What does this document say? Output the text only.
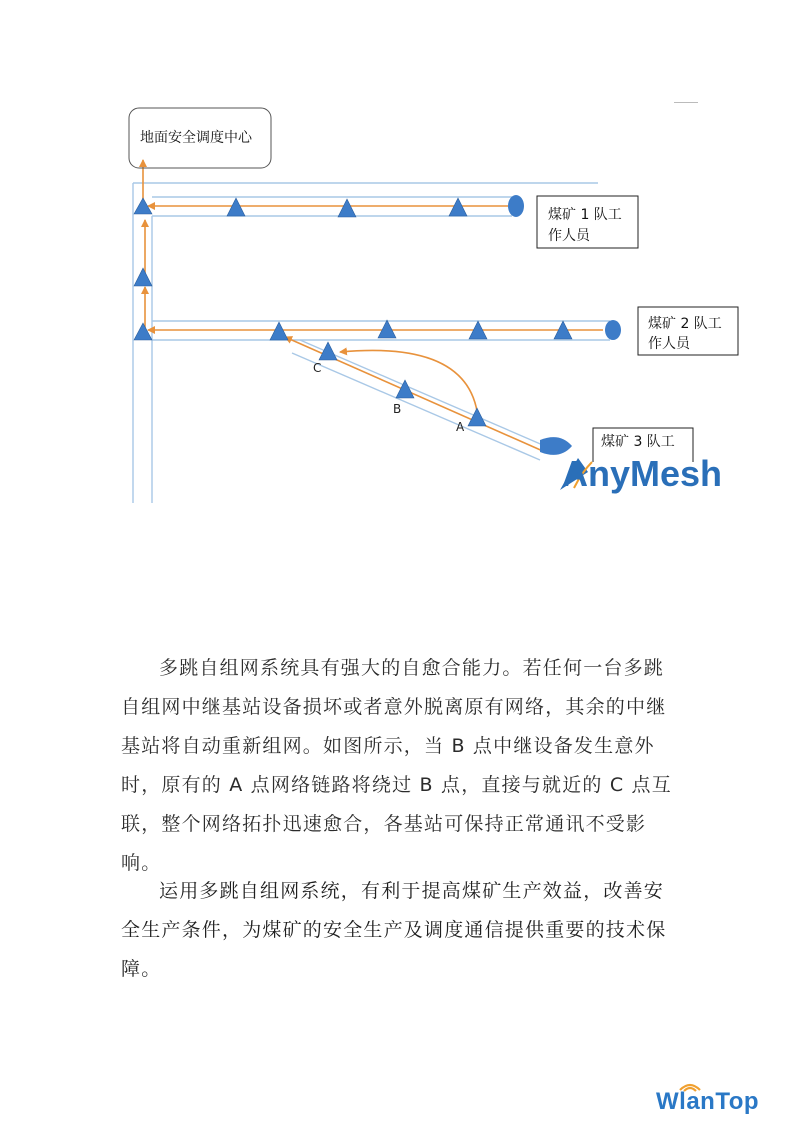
地面安全调度中心
煤矿 1 队工
作人员
煤矿 2 队工
作人员
煤矿 3 队工
C
B
A
AnyMesh

多跳自组网系统具有强大的自愈合能力。若任何一台多跳自组网中继基站设备损坏或者意外脱离原有网络，其余的中继基站将自动重新组网。如图所示，当 B 点中继设备发生意外时，原有的 A 点网络链路将绕过 B 点，直接与就近的 C 点互联，整个网络拓扑迅速愈合，各基站可保持正常通讯不受影响。

运用多跳自组网系统，有利于提高煤矿生产效益，改善安全生产条件，为煤矿的安全生产及调度通信提供重要的技术保障。

WlanTop
